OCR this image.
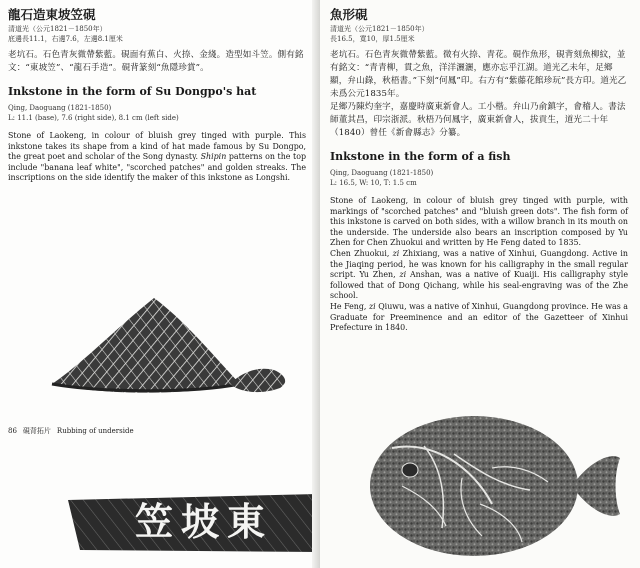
龍石造東坡笠硯
清道光（公元1821－1850年）
底邊長11.1，右邊7.6，左邊8.1厘米
老坑石。石色青灰微帶紫藍。硯面有蕉白、火捺、金綫。造型如斗笠。側有銘文：“東坡笠”、“龍石手造”。硯背篆刻“魚隱珍賞”。
Inkstone in the form of Su Dongpo's hat
Qing, Daoguang (1821-1850)
L: 11.1 (base), 7.6 (right side), 8.1 cm (left side)

Stone of Laokeng, in colour of bluish grey tinged with purple. This inkstone takes its shape from a kind of hat made famous by Su Dongpo, the great poet and scholar of the Song dynasty. Shipin patterns on the top include "banana leaf white", "scorched patches" and golden streaks. The inscriptions on the side identify the maker of this inkstone as Longshi.

86 硯背拓片 Rubbing of underside
笠坡東
魚形硯
清道光（公元1821－1850年）
長16.5，寬10，厚1.5厘米
老坑石。石色青灰微帶紫藍。微有火捺、青花。硯作魚形，硯背刻魚柳紋，並有銘文：“青青柳，貫之魚，洋洋灑灑，應亦忘乎江湖。道光乙未年，足鄉顯，弁山錄，秋梧書。”下刻“何鳳”印。右方有“紫藤花館珍玩”長方印。道光乙未爲公元1835年。
足鄉乃陳灼奎字，嘉慶時廣東新會人。工小楷。弁山乃俞鎮字，會稽人。書法師董其昌，印宗浙派。秋梧乃何鳳字，廣東新會人，拔貢生，道光二十年（1840）曾任《新會縣志》分纂。
Inkstone in the form of a fish
Qing, Daoguang (1821-1850)
L: 16.5, W: 10, T: 1.5 cm

Stone of Laokeng, in colour of bluish grey tinged with purple, with markings of "scorched patches" and "bluish green dots". The fish form of this inkstone is carved on both sides, with a willow branch in its mouth on the underside. The underside also bears an inscription composed by Yu Zhen for Chen Zhuokui and written by He Feng dated to 1835.

Chen Zhuokui, zi Zhixiang, was a native of Xinhui, Guangdong. Active in the Jiaqing period, he was known for his calligraphy in the small regular script. Yu Zhen, zi Anshan, was a native of Kuaiji. His calligraphy style followed that of Dong Qichang, while his seal-engraving was of the Zhe school.

He Feng, zi Qiuwu, was a native of Xinhui, Guangdong province. He was a Graduate for Preeminence and an editor of the Gazetteer of Xinhui Prefecture in 1840.
